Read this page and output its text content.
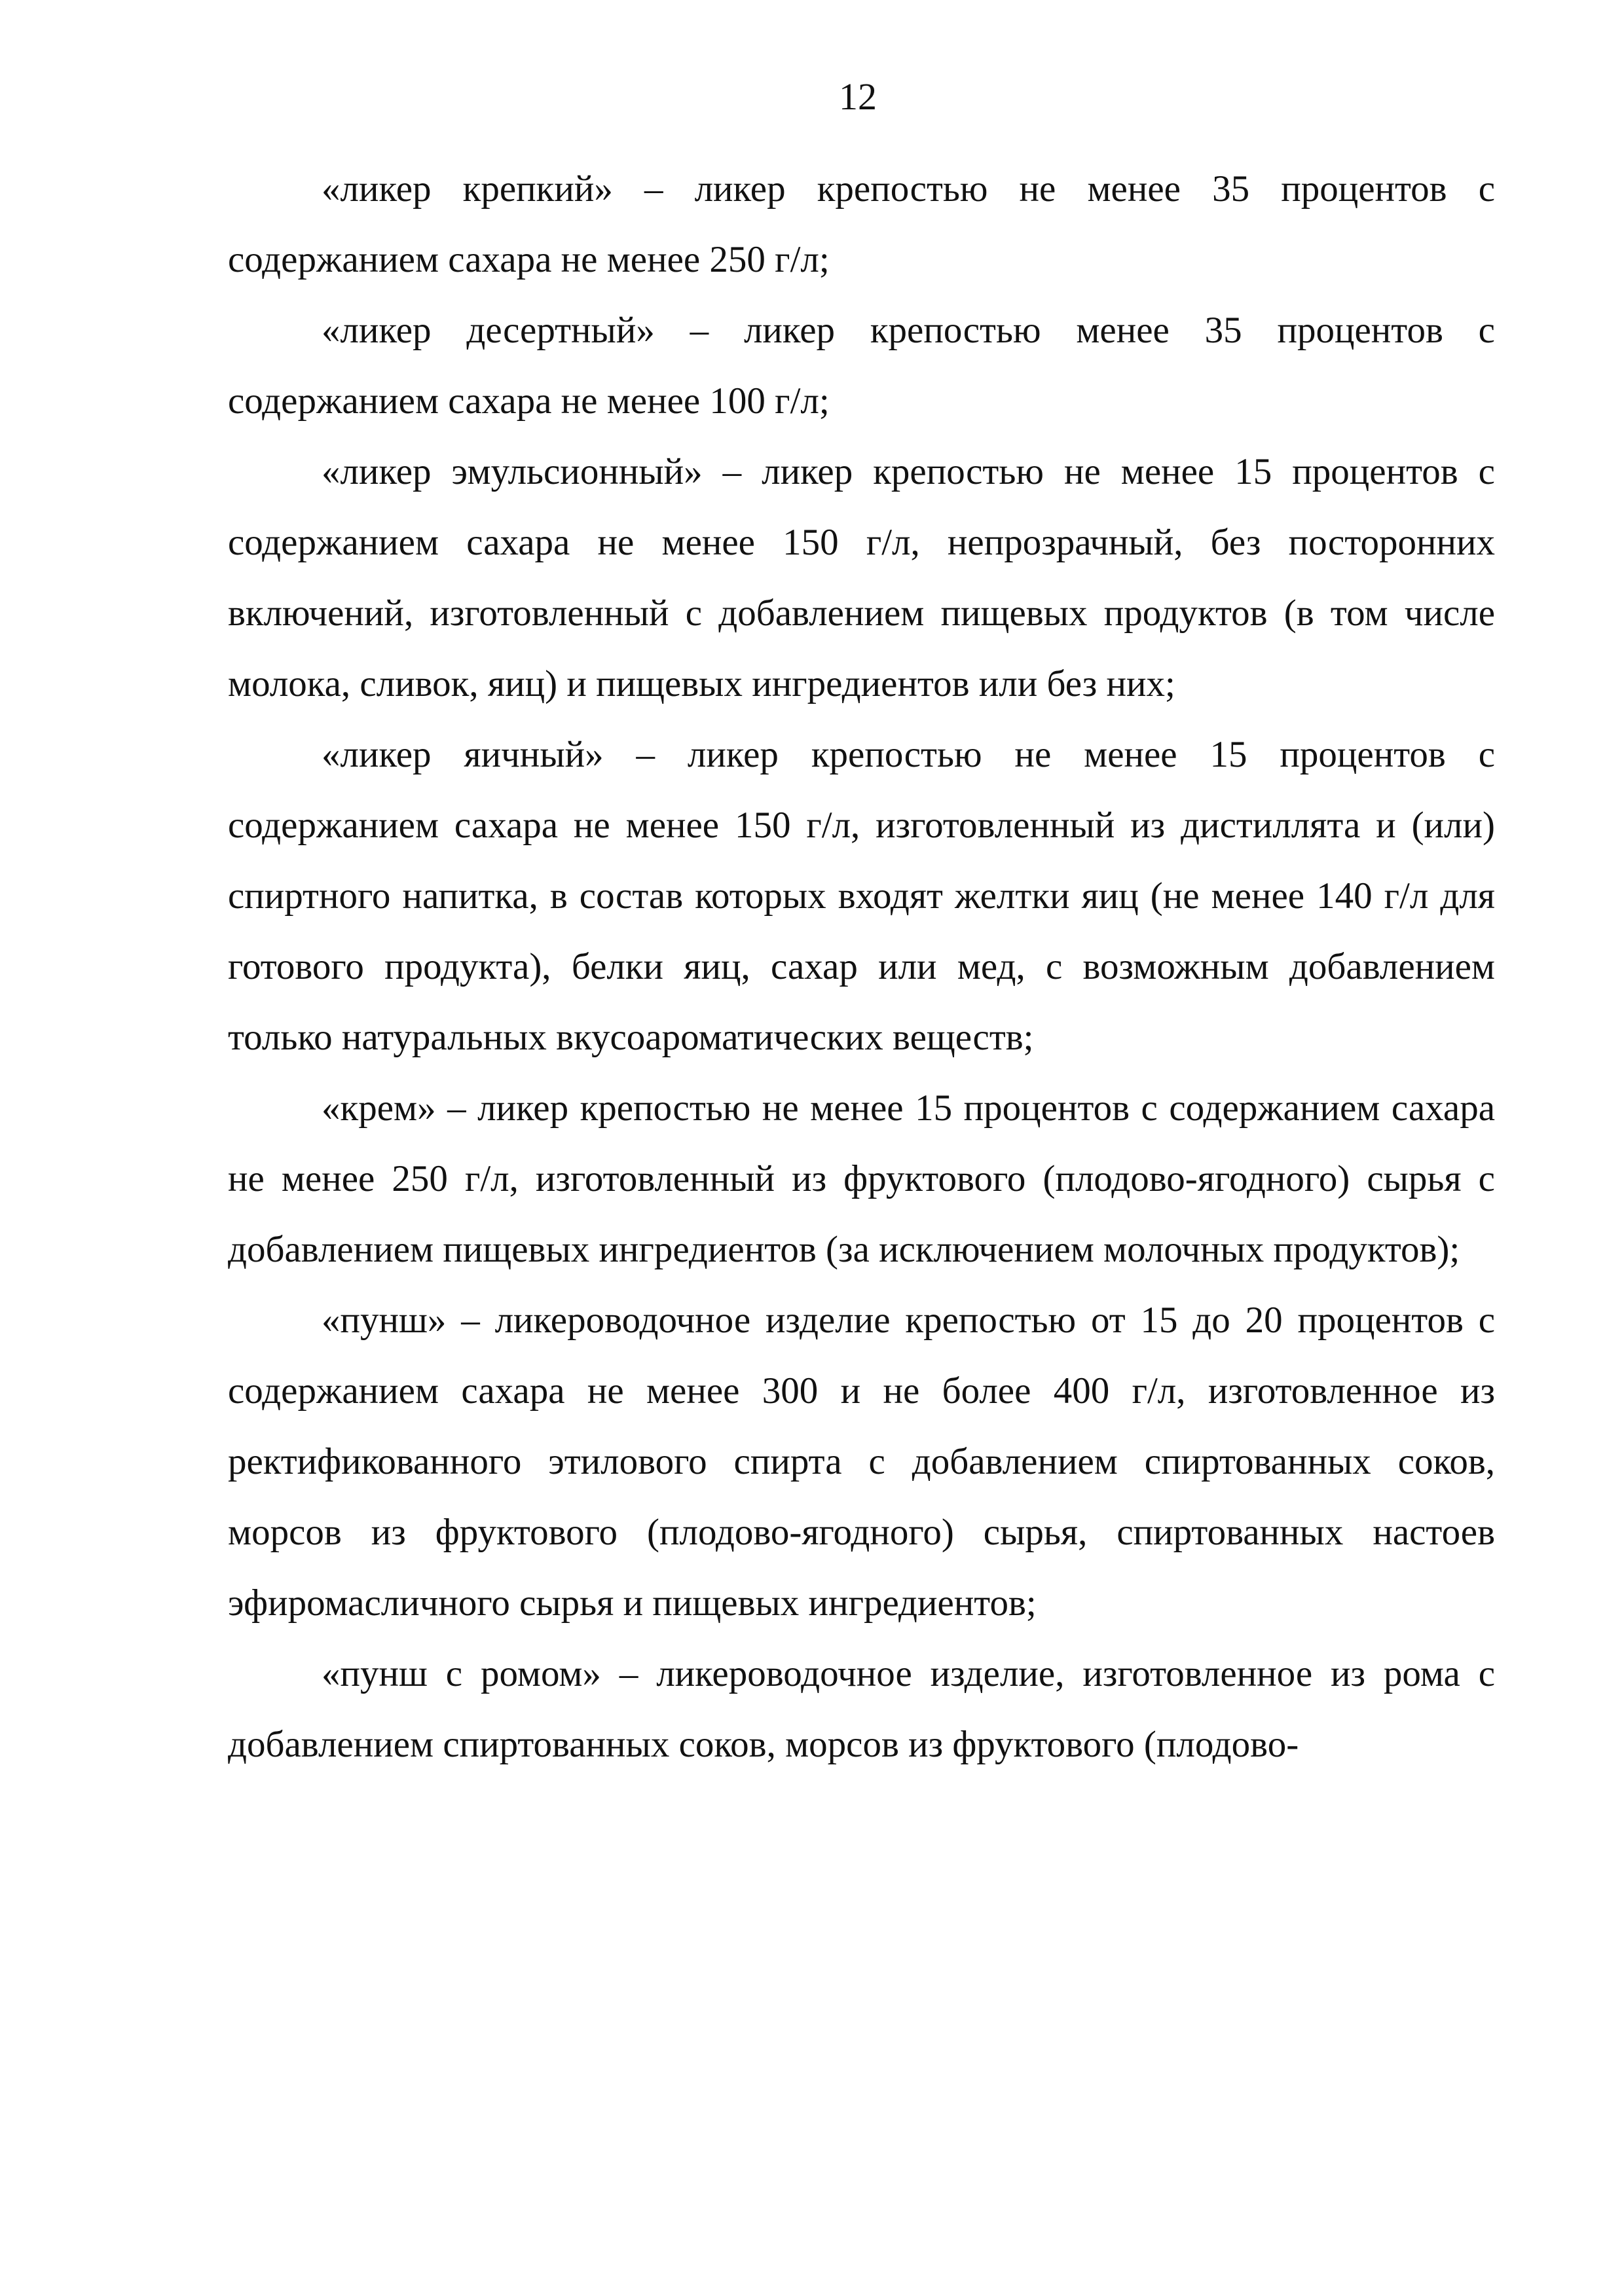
12

«ликер крепкий» – ликер крепостью не менее 35 процентов с содержанием сахара не менее 250 г/л;

«ликер десертный» – ликер крепостью менее 35 процентов с содержанием сахара не менее 100 г/л;

«ликер эмульсионный» – ликер крепостью не менее 15 процентов с содержанием сахара не менее 150 г/л, непрозрачный, без посторонних включений, изготовленный с добавлением пищевых продуктов (в том числе молока, сливок, яиц) и пищевых ингредиентов или без них;

«ликер яичный» – ликер крепостью не менее 15 процентов с содержанием сахара не менее 150 г/л, изготовленный из дистиллята и (или) спиртного напитка, в состав которых входят желтки яиц (не менее 140 г/л для готового продукта), белки яиц, сахар или мед, с возможным добавлением только натуральных вкусоароматических веществ;

«крем» – ликер крепостью не менее 15 процентов с содержанием сахара не менее 250 г/л, изготовленный из фруктового (плодово-ягодного) сырья с добавлением пищевых ингредиентов (за исключением молочных продуктов);

«пунш» – ликероводочное изделие крепостью от 15 до 20 процентов с содержанием сахара не менее 300 и не более 400 г/л, изготовленное из ректификованного этилового спирта с добавлением спиртованных соков, морсов из фруктового (плодово-ягодного) сырья, спиртованных настоев эфиромасличного сырья и пищевых ингредиентов;

«пунш с ромом» – ликероводочное изделие, изготовленное из рома с добавлением спиртованных соков, морсов из фруктового (плодово-
